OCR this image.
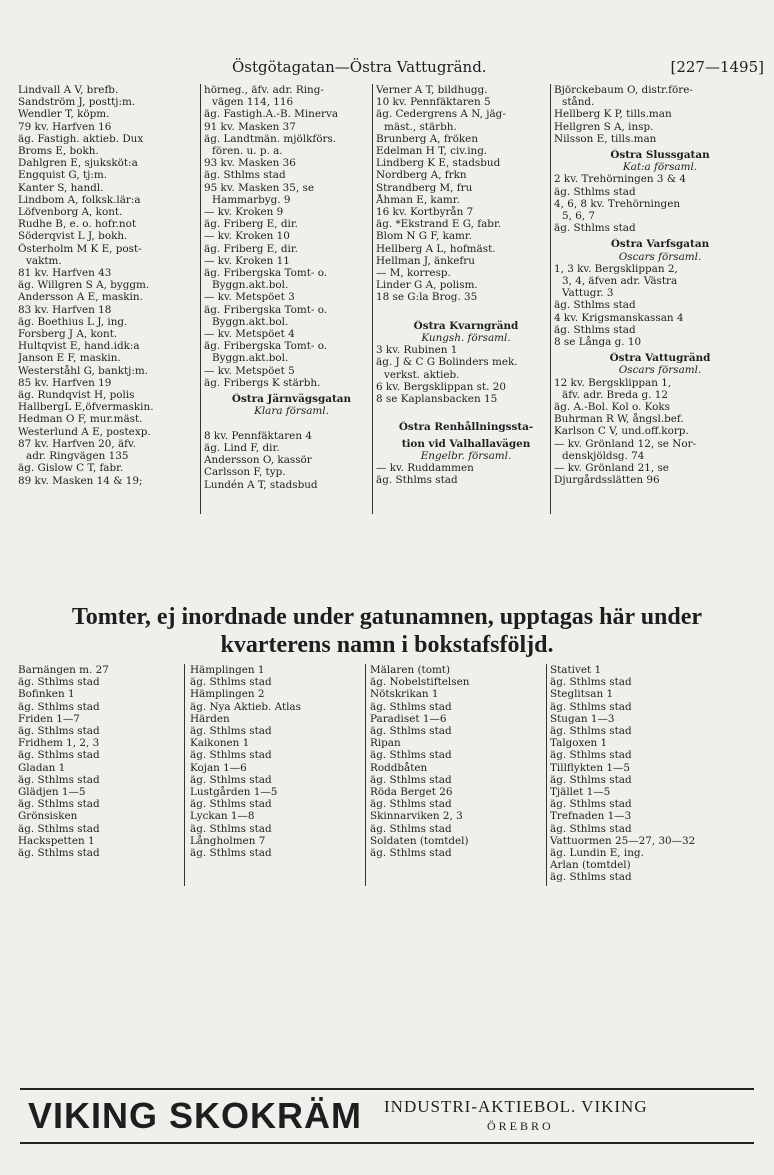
Östgötagatan—Östra Vattugränd.	[227—1495]
Lindvall A V, brefb.
Sandström J, posttj:m.
Wendler T, köpm.
79 kv. Harfven 16
äg. Fastigh. aktieb. Dux
Broms E, bokh.
Dahlgren E, sjuksköt:a
Engquist G, tj:m.
Kanter S, handl.
Lindbom A, folksk.lär:a
Löfvenborg A, kont.
Rudhe B, e. o. hofr.not
Söderqvist L J, bokh.
Österholm M K E, post-
vaktm.
81 kv. Harfven 43
äg. Willgren S A, byggm.
Andersson A E, maskin.
83 kv. Harfven 18
äg. Boethius L J, ing.
Forsberg J A, kont.
Hultqvist E, hand.idk:a
Janson E F, maskin.
Westerståhl G, banktj:m.
85 kv. Harfven 19
äg. Rundqvist H, polis
HallbergL E,öfvermaskin.
Hedman O F, mur.mäst.
Westerlund A E, postexp.
87 kv. Harfven 20, äfv.
adr. Ringvägen 135
äg. Gislow C T, fabr.
89 kv. Masken 14 & 19;
hörneg., äfv. adr. Ring-
vägen 114, 116
äg. Fastigh.A.-B. Minerva
91 kv. Masken 37
äg. Landtmän. mjölkförs.
fören. u. p. a.
93 kv. Masken 36
äg. Sthlms stad
95 kv. Masken 35, se
Hammarbyg. 9
— kv. Kroken 9
äg. Friberg E, dir.
— kv. Kroken 10
äg. Friberg E, dir.
— kv. Kroken 11
äg. Fribergska Tomt- o.
Byggn.akt.bol.
— kv. Metspöet 3
äg. Fribergska Tomt- o.
Byggn.akt.bol.
— kv. Metspöet 4
äg. Fribergska Tomt- o.
Byggn.akt.bol.
— kv. Metspöet 5
äg. Fribergs K stärbh.
Östra Järnvägsgatan
Klara församl.

8 kv. Pennfäktaren 4
äg. Lind F, dir.
Andersson O, kassör
Carlsson F, typ.
Lundén A T, stadsbud
Verner A T, bildhugg.
10 kv. Pennfäktaren 5
äg. Cedergrens A N, jäg-
mäst., stärbh.
Brunberg A, fröken
Edelman H T, civ.ing.
Lindberg K E, stadsbud
Nordberg A, frkn
Strandberg M, fru
Åhman E, kamr.
16 kv. Kortbyrån 7
äg. *Ekstrand E G, fabr.
Blom N G F, kamr.
Hellberg A L, hofmäst.
Hellman J, änkefru
— M, korresp.
Linder G A, polism.
18 se G:la Brog. 35

Östra Kvarngränd
Kungsh. församl.
3 kv. Rubinen 1
äg. J & C G Bolinders mek.
verkst. aktieb.
6 kv. Bergsklippan st. 20
8 se Kaplansbacken 15

Östra Renhållningssta-
tion vid Valhallavägen
Engelbr. församl.
— kv. Ruddammen
äg. Sthlms stad
Björckebaum O, distr.före-
stånd.
Hellberg K P, tills.man
Hellgren S A, insp.
Nilsson E, tills.man
Östra Slussgatan
Kat:a församl.
2 kv. Trehörningen 3 & 4
äg. Sthlms stad
4, 6, 8 kv. Trehörningen
5, 6, 7
äg. Sthlms stad
Östra Varfsgatan
Oscars församl.
1, 3 kv. Bergsklippan 2,
3, 4, äfven adr. Västra
Vattugr. 3
äg. Sthlms stad
4 kv. Krigsmanskassan 4
äg. Sthlms stad
8 se Långa g. 10
Östra Vattugränd
Oscars församl.
12 kv. Bergsklippan 1,
äfv. adr. Breda g. 12
äg. A.-Bol. Kol o. Koks
Buhrman R W, ångsl.bef.
Karlson C V, und.off.korp.
— kv. Grönland 12, se Nor-
denskjöldsg. 74
— kv. Grönland 21, se
Djurgårdsslätten 96
Tomter, ej inordnade under gatunamnen, upptagas här under
kvarterens namn i bokstafsföljd.
Barnängen m. 27
äg. Sthlms stad
Bofinken 1
äg. Sthlms stad
Friden 1—7
äg. Sthlms stad
Fridhem 1, 2, 3
äg. Sthlms stad
Gladan 1
äg. Sthlms stad
Glädjen 1—5
äg. Sthlms stad
Grönsisken
äg. Sthlms stad
Hackspetten 1
äg. Sthlms stad
Hämplingen 1
äg. Sthlms stad
Hämplingen 2
äg. Nya Aktieb. Atlas
Härden
äg. Sthlms stad
Kaikonen 1
äg. Sthlms stad
Kojan 1—6
äg. Sthlms stad
Lustgården 1—5
äg. Sthlms stad
Lyckan 1—8
äg. Sthlms stad
Långholmen 7
äg. Sthlms stad
Mälaren (tomt)
äg. Nobelstiftelsen
Nötskrikan 1
äg. Sthlms stad
Paradiset 1—6
äg. Sthlms stad
Ripan
äg. Sthlms stad
Roddbåten
äg. Sthlms stad
Röda Berget 26
äg. Sthlms stad
Skinnarviken 2, 3
äg. Sthlms stad
Soldaten (tomtdel)
äg. Sthlms stad
Stativet 1
äg. Sthlms stad
Steglitsan 1
äg. Sthlms stad
Stugan 1—3
äg. Sthlms stad
Talgoxen 1
äg. Sthlms stad
Tillflykten 1—5
äg. Sthlms stad
Tjället 1—5
äg. Sthlms stad
Trefnaden 1—3
äg. Sthlms stad
Vattuormen 25—27, 30—32
äg. Lundin E, ing.
Arlan (tomtdel)
äg. Sthlms stad
VIKING SKOKRÄM INDUSTRI-AKTIEBOL. VIKING
ÖREBRO
